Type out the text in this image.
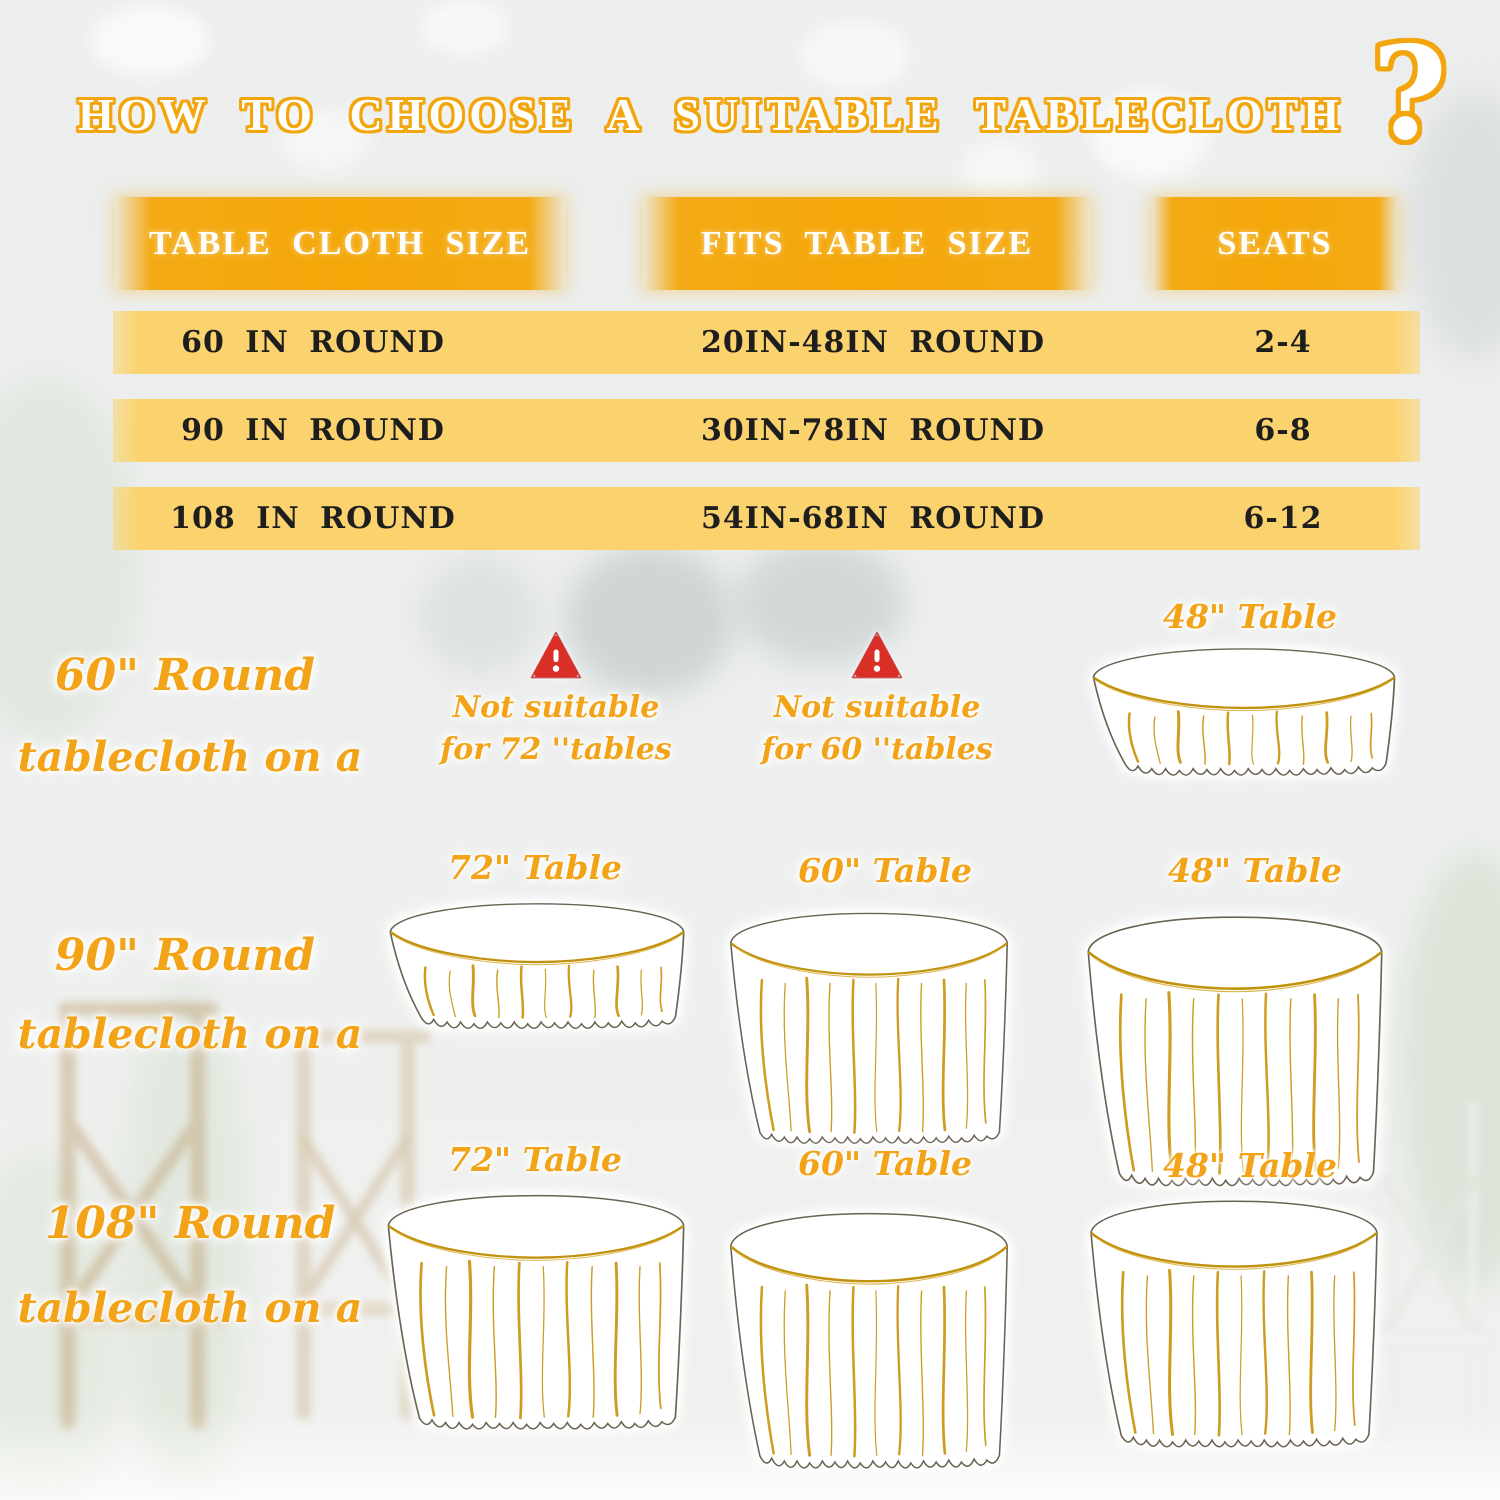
HOW TO CHOOSE A SUITABLE TABLECLOTH ?
TABLE CLOTH SIZE	FITS TABLE SIZE	SEATS
60 IN ROUND	20IN-48IN ROUND	2-4
90 IN ROUND	30IN-78IN ROUND	6-8
108 IN ROUND	54IN-68IN ROUND	6-12
60" Round
tablecloth on a
Not suitable
for 72 ''tables
Not suitable
for 60 ''tables
48" Table
90" Round
tablecloth on a
72" Table	60" Table	48" Table
108" Round
tablecloth on a
72" Table	60" Table	48" Table
